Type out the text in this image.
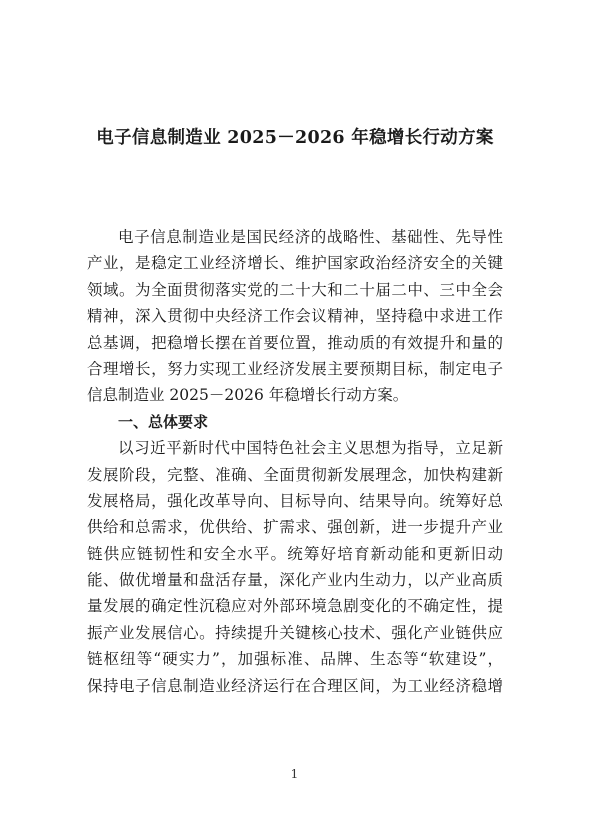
电子信息制造业 2025－2026 年稳增长行动方案
电子信息制造业是国民经济的战略性、基础性、先导性
产业，是稳定工业经济增长、维护国家政治经济安全的关键
领域。为全面贯彻落实党的二十大和二十届二中、三中全会
精神，深入贯彻中央经济工作会议精神，坚持稳中求进工作
总基调，把稳增长摆在首要位置，推动质的有效提升和量的
合理增长，努力实现工业经济发展主要预期目标，制定电子
信息制造业 2025－2026 年稳增长行动方案。
一、总体要求
以习近平新时代中国特色社会主义思想为指导，立足新
发展阶段，完整、准确、全面贯彻新发展理念，加快构建新
发展格局，强化改革导向、目标导向、结果导向。统筹好总
供给和总需求，优供给、扩需求、强创新，进一步提升产业
链供应链韧性和安全水平。统筹好培育新动能和更新旧动
能、做优增量和盘活存量，深化产业内生动力，以产业高质
量发展的确定性沉稳应对外部环境急剧变化的不确定性，提
振产业发展信心。持续提升关键核心技术、强化产业链供应
链枢纽等“硬实力”，加强标准、品牌、生态等“软建设”，
保持电子信息制造业经济运行在合理区间，为工业经济稳增
1
